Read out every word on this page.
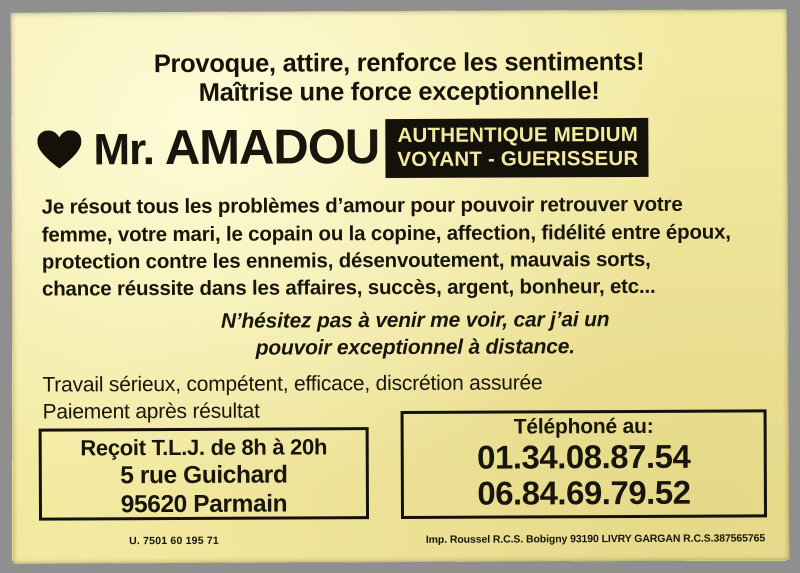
Provoque, attire, renforce les sentiments!
Maîtrise une force exceptionnelle!
Mr. AMADOU AUTHENTIQUE MEDIUM
VOYANT - GUERISSEUR
Je résout tous les problèmes d’amour pour pouvoir retrouver votre
femme, votre mari, le copain ou la copine, affection, fidélité entre époux,
protection contre les ennemis, désenvoutement, mauvais sorts,
chance réussite dans les affaires, succès, argent, bonheur, etc...
N’hésitez pas à venir me voir, car j’ai un
pouvoir exceptionnel à distance.
Travail sérieux, compétent, efficace, discrétion assurée
Paiement après résultat
Reçoit T.L.J. de 8h à 20h
5 rue Guichard
95620 Parmain
Téléphoné au:
01.34.08.87.54
06.84.69.79.52
U. 7501 60 195 71	Imp. Roussel R.C.S. Bobigny 93190 LIVRY GARGAN R.C.S.387565765
